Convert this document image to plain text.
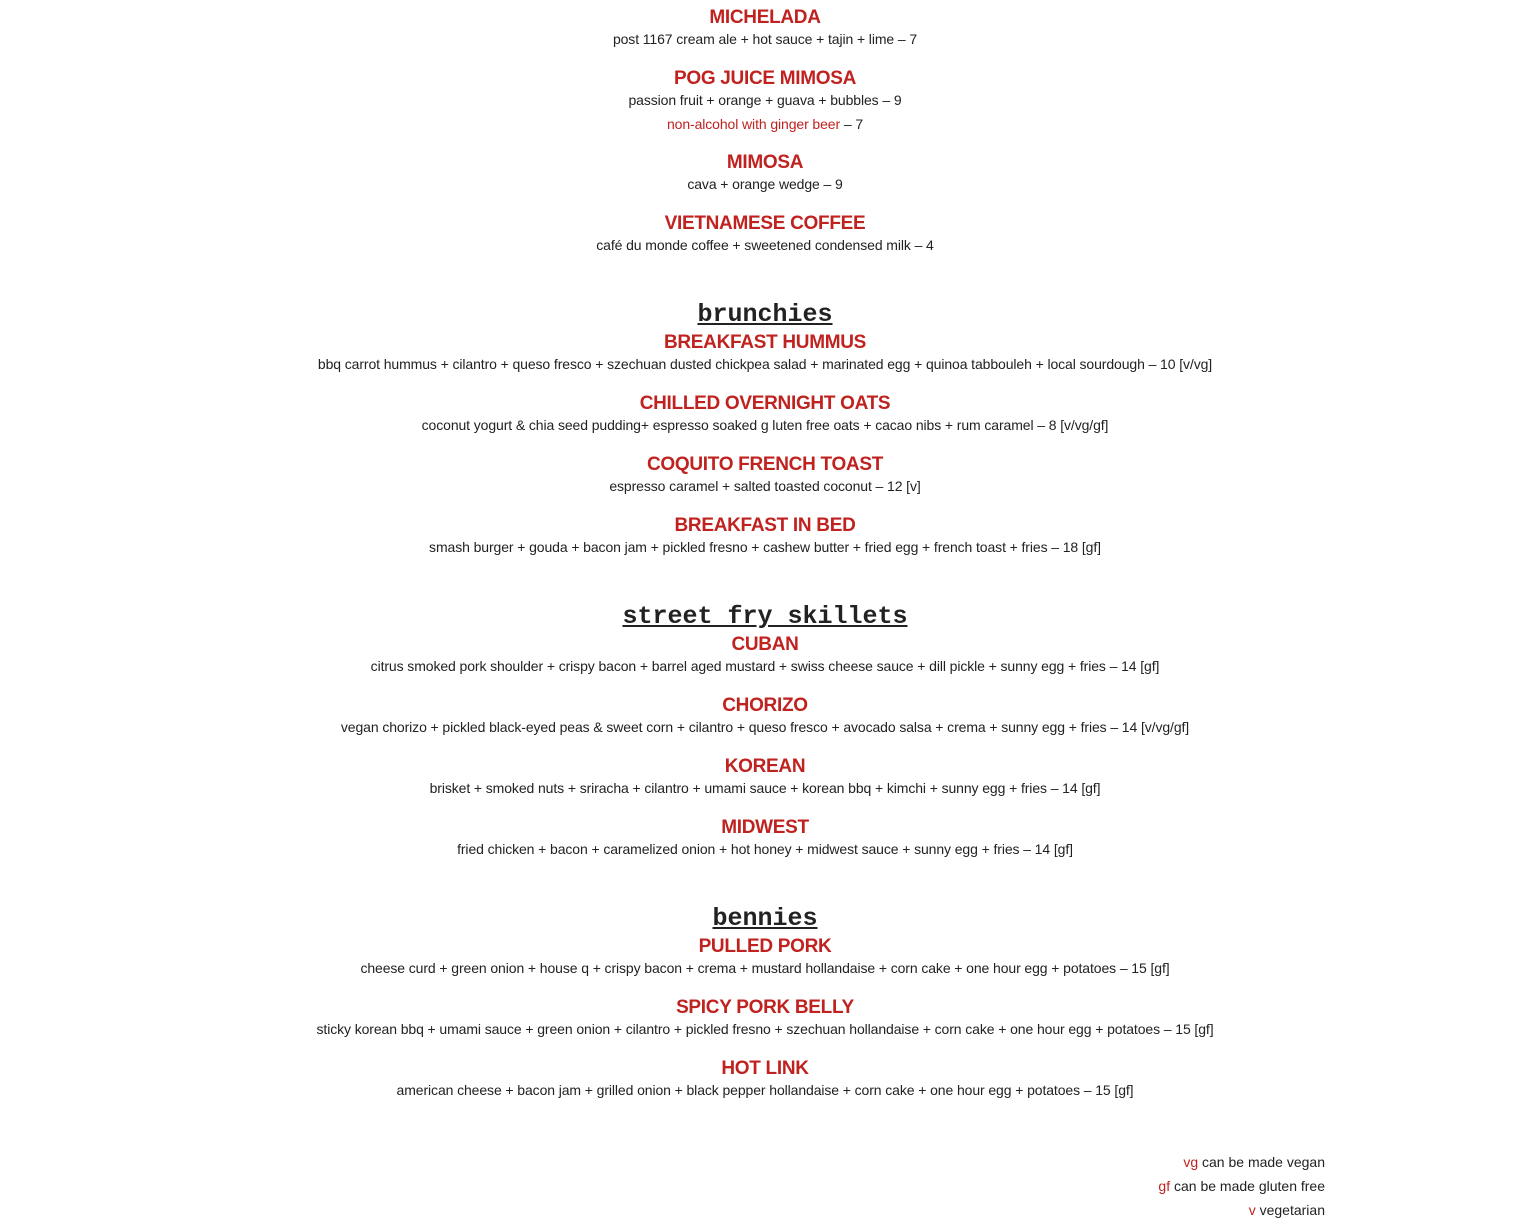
MICHELADA

post 1167 cream ale + hot sauce + tajin + lime – 7

POG JUICE MIMOSA

passion fruit + orange + guava + bubbles – 9

non-alcohol with ginger beer – 7

MIMOSA

cava + orange wedge – 9

VIETNAMESE COFFEE

café du monde coffee + sweetened condensed milk – 4

brunchies

BREAKFAST HUMMUS

bbq carrot hummus + cilantro + queso fresco + szechuan dusted chickpea salad + marinated egg + quinoa tabbouleh + local sourdough – 10 [v/vg]

CHILLED OVERNIGHT OATS

coconut yogurt & chia seed pudding+ espresso soaked g luten free oats + cacao nibs + rum caramel – 8 [v/vg/gf]

COQUITO FRENCH TOAST

espresso caramel + salted toasted coconut – 12 [v]

BREAKFAST IN BED

smash burger + gouda + bacon jam + pickled fresno + cashew butter + fried egg + french toast + fries – 18 [gf]

street fry skillets

CUBAN

citrus smoked pork shoulder + crispy bacon + barrel aged mustard + swiss cheese sauce + dill pickle + sunny egg + fries – 14 [gf]

CHORIZO

vegan chorizo + pickled black-eyed peas & sweet corn + cilantro + queso fresco + avocado salsa + crema + sunny egg + fries – 14 [v/vg/gf]

KOREAN

brisket + smoked nuts + sriracha + cilantro + umami sauce + korean bbq + kimchi + sunny egg + fries – 14 [gf]

MIDWEST

fried chicken + bacon + caramelized onion + hot honey + midwest sauce + sunny egg + fries – 14 [gf]

bennies

PULLED PORK

cheese curd + green onion + house q + crispy bacon + crema + mustard hollandaise + corn cake + one hour egg + potatoes – 15 [gf]

SPICY PORK BELLY

sticky korean bbq + umami sauce + green onion + cilantro + pickled fresno + szechuan hollandaise + corn cake + one hour egg + potatoes – 15 [gf]

HOT LINK

american cheese + bacon jam + grilled onion + black pepper hollandaise + corn cake + one hour egg + potatoes – 15 [gf]

vg can be made vegan
gf can be made gluten free
v vegetarian
